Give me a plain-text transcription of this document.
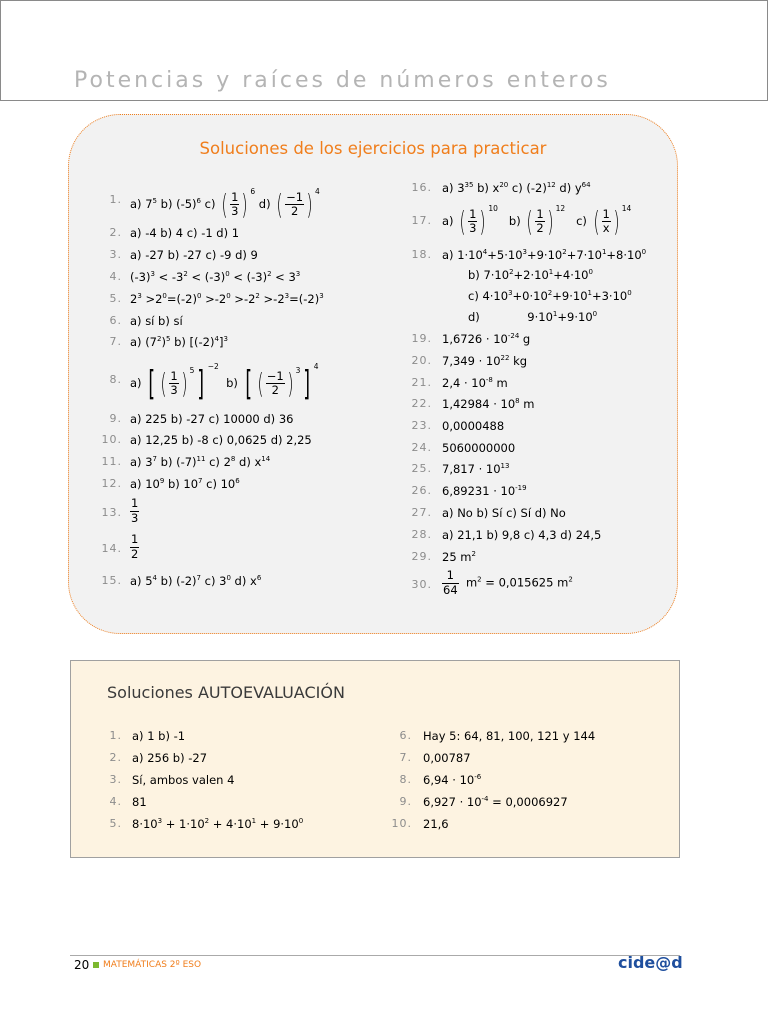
Potencias y raíces de números enteros
Soluciones de los ejercicios para practicar
1.
2.
3.
4.
5.
6.
7.
8.
9.
10.
11.
12.
13.
14.
15.
a) $7^5$ b) $(-5)^6$ c) ( $\frac{1}{3}$ ) 6 d) ( $\frac{-1}{2}$ ) 4
a) -4 b) 4 c) -1 d) 1
a) -27 b) -27 c) -9 d) 9
$(-3)^3 < -3^2 < (-3)^0 < (-3)^2 < 3^3$
$2^3 >2^0=(-2)^0 >-2^0 >-2^2 >-2^3=(-2)^3$
a) sí b) sí
a) $(7^2)^5$ b) $[(-2)^4]^3$
a) [ ( $\frac{1}{3}$ ) 5] −2  b) [ ( $\frac{-1}{2}$ ) 3] 4
a) 225 b) -27 c) 10000 d) 36
a) 12,25 b) -8 c) 0,0625 d) 2,25
a) $3^7$ b) $(-7)^{11}$ c) $2^8$ d) $x^{14}$
a) $10^9$ b) $10^7$ c) $10^6$
$\frac{1}{3}$
$\frac{1}{2}$
a) $5^4$ b) $(-2)^7$ c) $3^0$ d) $x^6$
16.
17.
18.
19.
20.
21.
22.
23.
24.
25.
26.
27.
28.
29.
30.
a) $3^{35}$ b) $x^{20}$ c) $(-2)^{12}$ d) $y^{64}$
a) ( $\frac{1}{3}$ ) 10   b) ( $\frac{1}{2}$ ) 12   c) ( $\frac{1}{x}$ ) 14
a) $1\cdot 10^4+5\cdot 10^3+9\cdot 10^2+7\cdot 10^1+8\cdot 10^0$
b) $7\cdot 10^2+2\cdot 10^1+4\cdot 10^0$
c) $4\cdot 10^3+0\cdot 10^2+9\cdot 10^1+3\cdot 10^0$
d)             $9\cdot 10^1+9\cdot 10^0$
$1,6726 \cdot 10^{-24}$ g
$7,349 \cdot 10^{22}$ kg
$2,4 \cdot 10^{-8}$ m
$1,42984 \cdot 10^8$ m
0,0000488
5060000000
$7,817 \cdot 10^{13}$
$6,89231 \cdot 10^{-19}$
a) No b) Sí c) Sí d) No
a) 21,1 b) 9,8 c) 4,3 d) 24,5
25 $m^2$
$\frac{1}{64} m^2 = 0,015625$ $m^2$
Soluciones AUTOEVALUACIÓN
1.
2.
3.
4.
5.
a) 1 b) -1
a) 256 b) -27
Sí, ambos valen 4
81
$8\cdot 10^3 + 1\cdot 10^2 + 4\cdot 10^1 + 9\cdot 10^0$
6.
7.
8.
9.
10.
Hay 5: 64, 81, 100, 121 y 144
0,00787
$6,94 \cdot 10^{-6}$
$6,927 \cdot 10^{-4} = 0,0006927$
21,6
20 MATEMÁTICAS 2º ESO	cide@d
